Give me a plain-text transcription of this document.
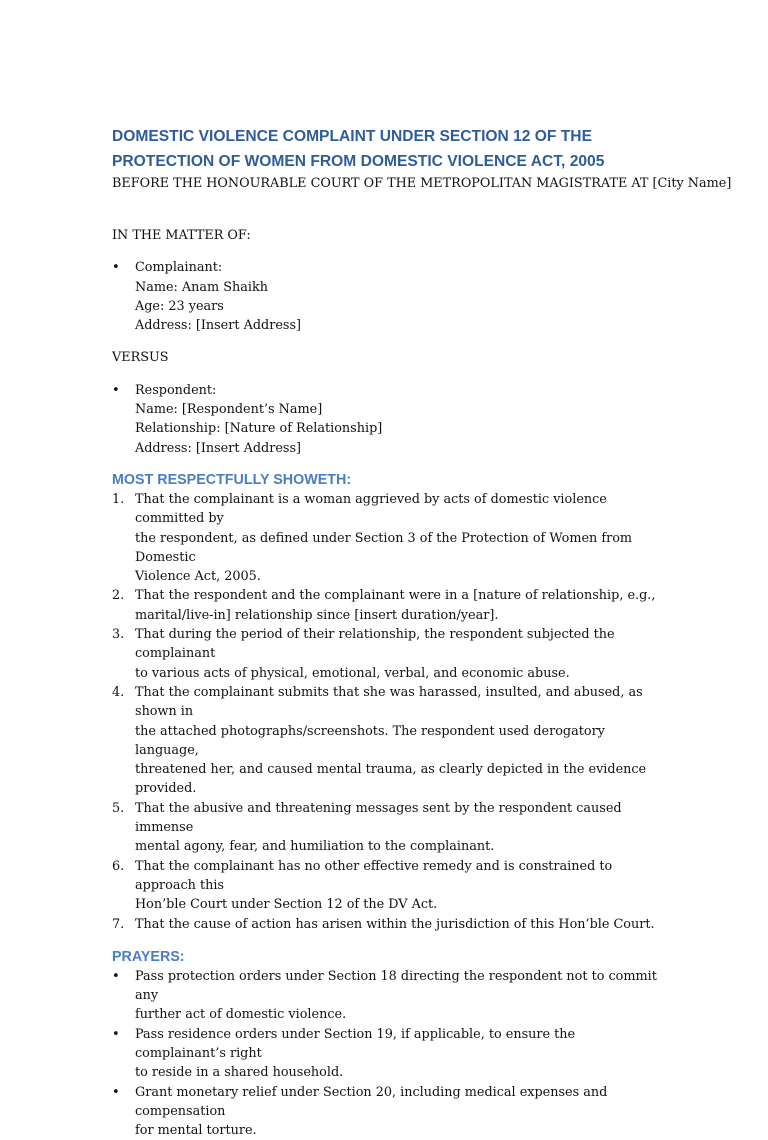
DOMESTIC VIOLENCE COMPLAINT UNDER SECTION 12 OF THE
PROTECTION OF WOMEN FROM DOMESTIC VIOLENCE ACT, 2005

BEFORE THE HONOURABLE COURT OF THE METROPOLITAN MAGISTRATE AT [City Name]

IN THE MATTER OF:

• Complainant:
Name: Anam Shaikh
Age: 23 years
Address: [Insert Address]

VERSUS

• Respondent:
Name: [Respondent’s Name]
Relationship: [Nature of Relationship]
Address: [Insert Address]
MOST RESPECTFULLY SHOWETH:
1. That the complainant is a woman aggrieved by acts of domestic violence committed by
the respondent, as defined under Section 3 of the Protection of Women from Domestic
Violence Act, 2005.
2. That the respondent and the complainant were in a [nature of relationship, e.g.,
marital/live-in] relationship since [insert duration/year].
3. That during the period of their relationship, the respondent subjected the complainant
to various acts of physical, emotional, verbal, and economic abuse.
4. That the complainant submits that she was harassed, insulted, and abused, as shown in
the attached photographs/screenshots. The respondent used derogatory language,
threatened her, and caused mental trauma, as clearly depicted in the evidence provided.
5. That the abusive and threatening messages sent by the respondent caused immense
mental agony, fear, and humiliation to the complainant.
6. That the complainant has no other effective remedy and is constrained to approach this
Hon’ble Court under Section 12 of the DV Act.
7. That the cause of action has arisen within the jurisdiction of this Hon’ble Court.
PRAYERS:
• Pass protection orders under Section 18 directing the respondent not to commit any
further act of domestic violence.
• Pass residence orders under Section 19, if applicable, to ensure the complainant’s right
to reside in a shared household.
• Grant monetary relief under Section 20, including medical expenses and compensation
for mental torture.
